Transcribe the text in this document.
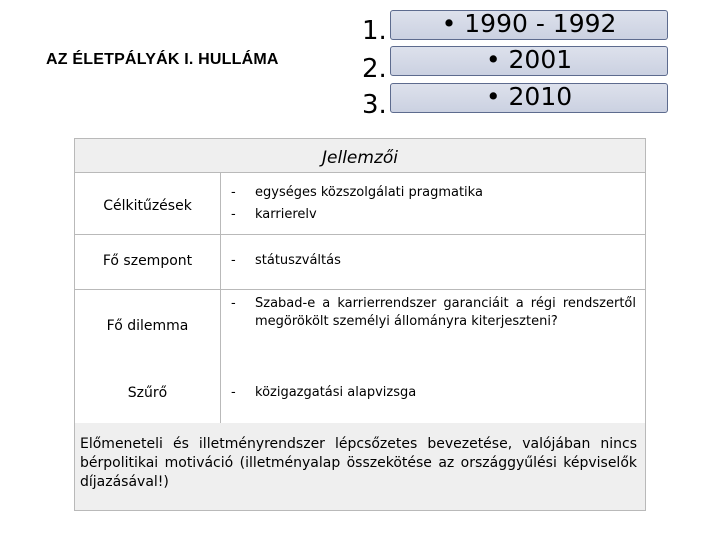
AZ ÉLETPÁLYÁK I. HULLÁMA
1.
2.
3.
• 1990 - 1992
• 2001
• 2010
Jellemzői
Célkitűzések
- egységes közszolgálati pragmatika
- karrierelv
Fő szempont	- státuszváltás
Fő dilemma
- Szabad-e a karrierrendszer garanciáit a régi rendszertől megörökölt személyi állományra kiterjeszteni?
Szűrő	- közigazgatási alapvizsga
Előmeneteli és illetményrendszer lépcsőzetes bevezetése, valójában nincs bérpolitikai motiváció (illetményalap összekötése az országgyűlési képviselők díjazásával!)
